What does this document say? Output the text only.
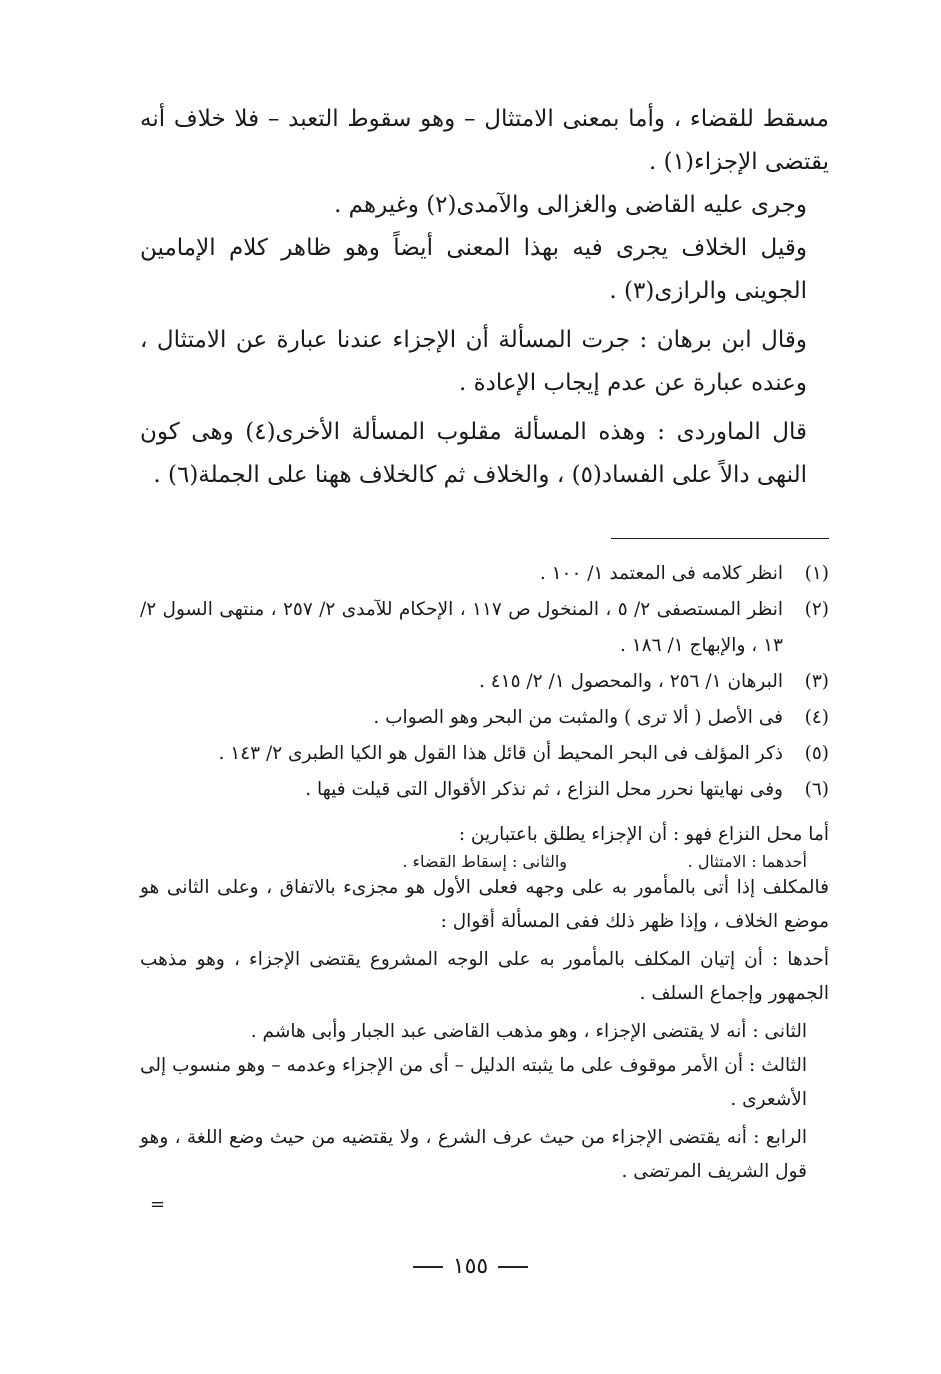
مسقط للقضاء ، وأما بمعنى الامتثال – وهو سقوط التعبد – فلا خلاف أنه يقتضى الإجزاء(١) .

وجرى عليه القاضى والغزالى والآمدى(٢) وغيرهم .

وقيل الخلاف يجرى فيه بهذا المعنى أيضاً وهو ظاهر كلام الإمامين الجوينى والرازى(٣) .

وقال ابن برهان : جرت المسألة أن الإجزاء عندنا عبارة عن الامتثال ، وعنده عبارة عن عدم إيجاب الإعادة .

قال الماوردى : وهذه المسألة مقلوب المسألة الأخرى(٤) وهى كون النهى دالاً على الفساد(٥) ، والخلاف ثم كالخلاف ههنا على الجملة(٦) .

(١)
انظر كلامه فى المعتمد ١/ ١٠٠ .
(٢)
انظر المستصفى ٢/ ٥ ، المنخول ص ١١٧ ، الإحكام للآمدى ٢/ ٢٥٧ ، منتهى السول ٢/ ١٣ ، والإبهاج ١/ ١٨٦ .
(٣)
البرهان ١/ ٢٥٦ ، والمحصول ١/ ٢/ ٤١٥ .
(٤)
فى الأصل ( ألا ترى ) والمثبت من البحر وهو الصواب .
(٥)
ذكر المؤلف فى البحر المحيط أن قائل هذا القول هو الكيا الطبرى ٢/ ١٤٣ .
(٦)
وفى نهايتها نحرر محل النزاع ، ثم نذكر الأقوال التى قيلت فيها .

أما محل النزاع فهو : أن الإجزاء يطلق باعتبارين :

أحدهما : الامتثال .
والثانى : إسقاط القضاء .

فالمكلف إذا أتى بالمأمور به على وجهه فعلى الأول هو مجزىء بالاتفاق ، وعلى الثانى هو موضع الخلاف ، وإذا ظهر ذلك ففى المسألة أقوال :

أحدها : أن إتيان المكلف بالمأمور به على الوجه المشروع يقتضى الإجزاء ، وهو مذهب الجمهور وإجماع السلف .

الثانى : أنه لا يقتضى الإجزاء ، وهو مذهب القاضى عبد الجبار وأبى هاشم .

الثالث : أن الأمر موقوف على ما يثبته الدليل – أى من الإجزاء وعدمه – وهو منسوب إلى الأشعرى .

الرابع : أنه يقتضى الإجزاء من حيث عرف الشرع ، ولا يقتضيه من حيث وضع اللغة ، وهو قول الشريف المرتضى .

=
١٥٥
